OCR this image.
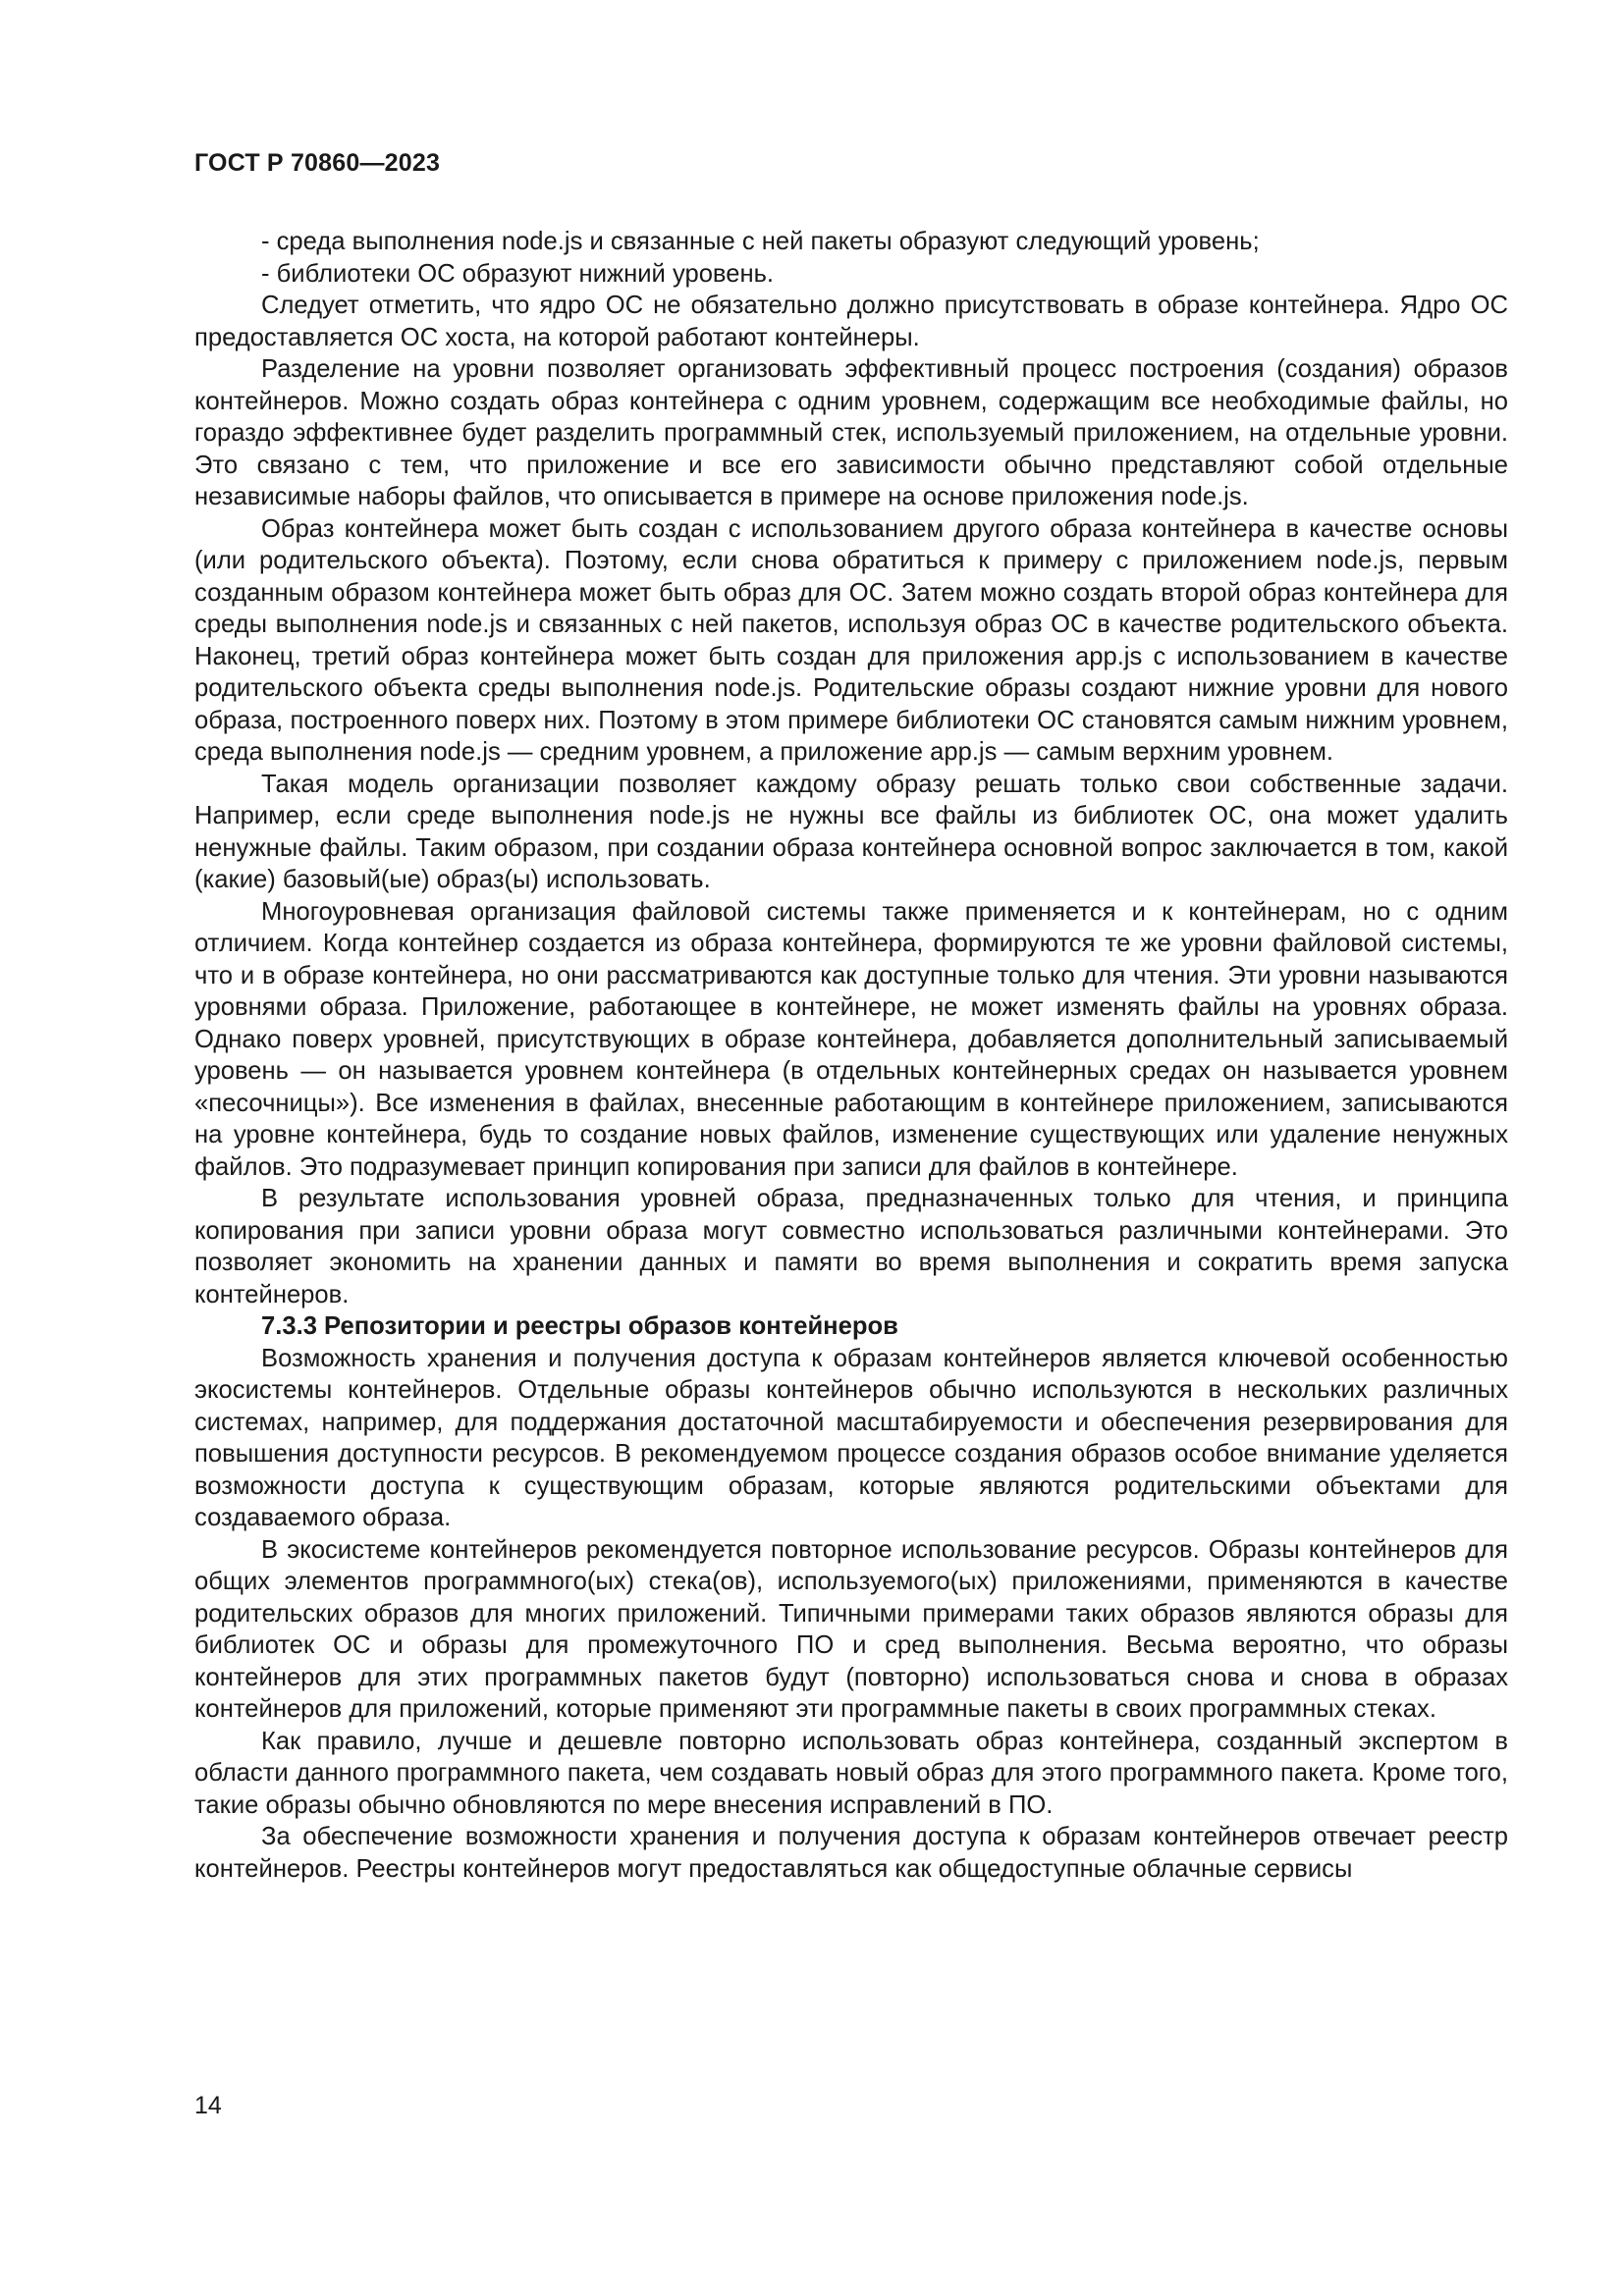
ГОСТ Р 70860—2023

- среда выполнения node.js и связанные с ней пакеты образуют следующий уровень;

- библиотеки ОС образуют нижний уровень.

Следует отметить, что ядро ОС не обязательно должно присутствовать в образе контейнера. Ядро ОС предоставляется ОС хоста, на которой работают контейнеры.

Разделение на уровни позволяет организовать эффективный процесс построения (создания) образов контейнеров. Можно создать образ контейнера с одним уровнем, содержащим все необходимые файлы, но гораздо эффективнее будет разделить программный стек, используемый приложением, на отдельные уровни. Это связано с тем, что приложение и все его зависимости обычно представляют собой отдельные независимые наборы файлов, что описывается в примере на основе приложения node.js.

Образ контейнера может быть создан с использованием другого образа контейнера в качестве основы (или родительского объекта). Поэтому, если снова обратиться к примеру с приложением node.js, первым созданным образом контейнера может быть образ для ОС. Затем можно создать второй образ контейнера для среды выполнения node.js и связанных с ней пакетов, используя образ ОС в качестве родительского объекта. Наконец, третий образ контейнера может быть создан для приложения app.js с использованием в качестве родительского объекта среды выполнения node.js. Родительские образы создают нижние уровни для нового образа, построенного поверх них. Поэтому в этом примере библиотеки ОС становятся самым нижним уровнем, среда выполнения node.js — средним уровнем, а приложение app.js — самым верхним уровнем.

Такая модель организации позволяет каждому образу решать только свои собственные задачи. Например, если среде выполнения node.js не нужны все файлы из библиотек ОС, она может удалить ненужные файлы. Таким образом, при создании образа контейнера основной вопрос заключается в том, какой (какие) базовый(ые) образ(ы) использовать.

Многоуровневая организация файловой системы также применяется и к контейнерам, но с одним отличием. Когда контейнер создается из образа контейнера, формируются те же уровни файловой системы, что и в образе контейнера, но они рассматриваются как доступные только для чтения. Эти уровни называются уровнями образа. Приложение, работающее в контейнере, не может изменять файлы на уровнях образа. Однако поверх уровней, присутствующих в образе контейнера, добавляется дополнительный записываемый уровень — он называется уровнем контейнера (в отдельных контейнерных средах он называется уровнем «песочницы»). Все изменения в файлах, внесенные работающим в контейнере приложением, записываются на уровне контейнера, будь то создание новых файлов, изменение существующих или удаление ненужных файлов. Это подразумевает принцип копирования при записи для файлов в контейнере.

В результате использования уровней образа, предназначенных только для чтения, и принципа копирования при записи уровни образа могут совместно использоваться различными контейнерами. Это позволяет экономить на хранении данных и памяти во время выполнения и сократить время запуска контейнеров.

7.3.3 Репозитории и реестры образов контейнеров

Возможность хранения и получения доступа к образам контейнеров является ключевой особенностью экосистемы контейнеров. Отдельные образы контейнеров обычно используются в нескольких различных системах, например, для поддержания достаточной масштабируемости и обеспечения резервирования для повышения доступности ресурсов. В рекомендуемом процессе создания образов особое внимание уделяется возможности доступа к существующим образам, которые являются родительскими объектами для создаваемого образа.

В экосистеме контейнеров рекомендуется повторное использование ресурсов. Образы контейнеров для общих элементов программного(ых) стека(ов), используемого(ых) приложениями, применяются в качестве родительских образов для многих приложений. Типичными примерами таких образов являются образы для библиотек ОС и образы для промежуточного ПО и сред выполнения. Весьма вероятно, что образы контейнеров для этих программных пакетов будут (повторно) использоваться снова и снова в образах контейнеров для приложений, которые применяют эти программные пакеты в своих программных стеках.

Как правило, лучше и дешевле повторно использовать образ контейнера, созданный экспертом в области данного программного пакета, чем создавать новый образ для этого программного пакета. Кроме того, такие образы обычно обновляются по мере внесения исправлений в ПО.

За обеспечение возможности хранения и получения доступа к образам контейнеров отвечает реестр контейнеров. Реестры контейнеров могут предоставляться как общедоступные облачные сервисы

14
